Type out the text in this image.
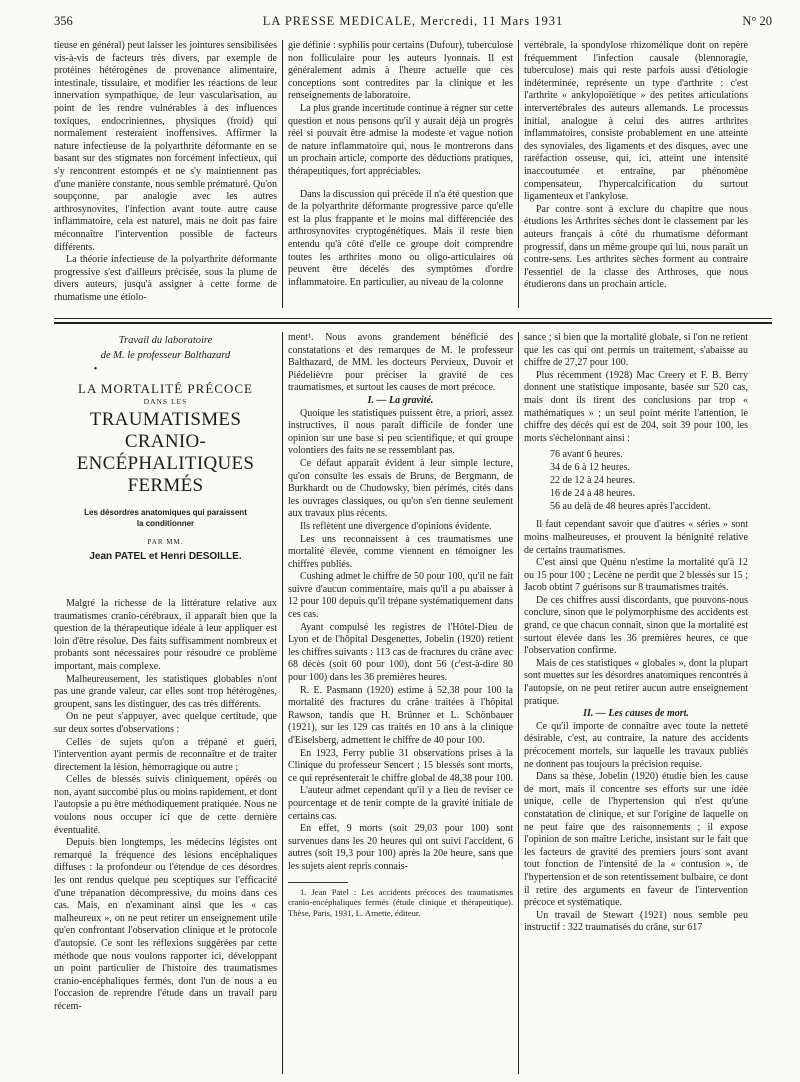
356	LA PRESSE MEDICALE, Mercredi, 11 Mars 1931	N° 20

tieuse en général) peut laisser les jointures sensibilisées vis-à-vis de facteurs très divers, par exemple de protéines hétérogènes de provenance alimentaire, intestinale, tissulaire, et modifier les réactions de leur innervation sympathique, de leur vascularisation, au point de les rendre vulnérables à des influences toxiques, endocriniennes, physiques (froid) qui normalement resteraient inoffensives. Affirmer la nature infectieuse de la polyarthrite déformante en se basant sur des stigmates non forcément infectieux, qui s'y rencontrent estompés et ne s'y maintiennent pas d'une manière constante, nous semble prématuré. Qu'on soupçonne, par analogie avec les autres arthrosynovites, l'infection avant toute autre cause inflammatoire, cela est naturel, mais ne doit pas faire méconnaître l'intervention possible de facteurs différents.

La théorie infectieuse de la polyarthrite déformante progressive s'est d'ailleurs précisée, sous la plume de divers auteurs, jusqu'à assigner à cette forme de rhumatisme une étiolo-

gie définie : syphilis pour certains (Dufour), tuberculose non folliculaire pour les auteurs lyonnais. Il est généralement admis à l'heure actuelle que ces conceptions sont contredites par la clinique et les renseignements de laboratoire.

La plus grande incertitude continue à régner sur cette question et nous pensons qu'il y aurait déjà un progrès réel si pouvait être admise la modeste et vague notion de nature inflammatoire qui, nous le montrerons dans un prochain article, comporte des déductions pratiques, thérapeutiques, fort appréciables.

Dans la discussion qui précède il n'a été question que de la polyarthrite déformante progressive parce qu'elle est la plus frappante et le moins mal différenciée des arthrosynovites cryptogénétiques. Mais il reste bien entendu qu'à côté d'elle ce groupe doit comprendre toutes les arthrites mono ou oligo-articulaires où peuvent être décelés des symptômes d'ordre inflammatoire. En particulier, au niveau de la colonne

vertébrale, la spondylose rhizomélique dont on repère fréquemment l'infection causale (blennoragie, tuberculose) mais qui reste parfois aussi d'étiologie indéterminée, représente un type d'arthrite : c'est l'arthrite « ankylopoïétique » des petites articulations intervertébrales des auteurs allemands. Le processus initial, analogue à celui des autres arthrites inflammatoires, consiste probablement en une atteinte des synoviales, des ligaments et des disques, avec une raréfaction osseuse, qui, ici, atteint une intensité inaccoutumée et entraîne, par phénomène compensateur, l'hypercalcification du surtout ligamenteux et l'ankylose.

Par contre sont à exclure du chapitre que nous étudions les Arthrites sèches dont le classement par les auteurs français à côté du rhumatisme déformant progressif, dans un même groupe qui lui, nous paraît un contre-sens. Les arthrites sèches forment au contraire l'essentiel de la classe des Arthroses, que nous étudierons dans un prochain article.

Travail du laboratoire
de M. le professeur Balthazard
•
LA MORTALITÉ PRÉCOCE
DANS LES
TRAUMATISMES
CRANIO-ENCÉPHALITIQUES
FERMÉS
Les désordres anatomiques qui paraissent
la conditionner
PAR MM.
Jean PATEL et Henri DESOILLE.

Malgré la richesse de la littérature relative aux traumatismes cranio-cérébraux, il apparaît bien que la question de la thérapeutique idéale à leur appliquer est loin d'être résolue. Des faits suffisamment nombreux et probants sont nécessaires pour résoudre ce problème important, mais complexe.

Malheureusement, les statistiques globables n'ont pas une grande valeur, car elles sont trop hétérogènes, groupent, sans les distinguer, des cas très différents.

On ne peut s'appuyer, avec quelque certitude, que sur deux sortes d'observations :

Celles de sujets qu'on a trépané et guéri, l'intervention ayant permis de reconnaître et de traiter directement la lésion, hémorragique ou autre ;

Celles de blessés suivis cliniquement, opérés ou non, ayant succombé plus ou moins rapidement, et dont l'autopsie a pu être méthodiquement pratiquée. Nous ne voulons nous occuper ici que de cette dernière éventualité.

Depuis bien longtemps, les médecins légistes ont remarqué la fréquence des lésions encéphaliques diffuses : la profondeur ou l'étendue de ces désordres les ont rendus quelque peu sceptiques sur l'efficacité d'une trépanation décompressive, du moins dans ces cas. Mais, en n'examinant ainsi que les « cas malheureux », on ne peut retirer un enseignement utile qu'en confrontant l'observation clinique et le protocole d'autopsie. Ce sont les réflexions suggérées par cette méthode que nous voulons rapporter ici, développant un point particulier de l'histoire des traumatismes cranio-encéphaliques fermés, dont l'un de nous a eu l'occasion de reprendre l'étude dans un travail paru récem-

ment¹. Nous avons grandement bénéficié des constatations et des remarques de M. le professeur Balthazard, de MM. les docteurs Pervieux, Duvoir et Piédelièvre pour préciser la gravité de ces traumatismes, et surtout les causes de mort précoce.

I. — La gravité.

Quoique les statistiques puissent être, a priori, assez instructives, il nous paraît difficile de fonder une opinion sur une base si peu scientifique, et qui groupe volontiers des faits ne se ressemblant pas.

Ce défaut apparaît évident à leur simple lecture, qu'on consulte les essais de Bruns, de Bergmann, de Burkhardt ou de Chudowsky, bien périmés, cités dans les ouvrages classiques, ou qu'on s'en tienne seulement aux travaux plus récents.

Ils reflètent une divergence d'opinions évidente.

Les uns reconnaissent à ces traumatismes une mortalité élevée, comme viennent en témoigner les chiffres publiés.

Cushing admet le chiffre de 50 pour 100, qu'il ne fait suivre d'aucun commentaire, mais qu'il a pu abaisser à 12 pour 100 depuis qu'il trépane systématiquement dans ces cas.

Ayant compulsé les registres de l'Hôtel-Dieu de Lyon et de l'hôpital Desgenettes, Jobelin (1920) retient les chiffres suivants : 113 cas de fractures du crâne avec 68 décès (soit 60 pour 100), dont 56 (c'est-à-dire 80 pour 100) dans les 36 premières heures.

R. E. Pasmann (1920) estime à 52,38 pour 100 la mortalité des fractures du crâne traitées à l'hôpital Rawson, tandis que H. Brünner et L. Schönbauer (1921), sur les 129 cas traités en 10 ans à la clinique d'Eiselsberg, admettent le chiffre de 40 pour 100.

En 1923, Ferry publie 31 observations prises à la Clinique du professeur Sencert ; 15 blessés sont morts, ce qui représenterait le chiffre global de 48,38 pour 100.

L'auteur admet cependant qu'il y a lieu de reviser ce pourcentage et de tenir compte de la gravité initiale de certains cas.

En effet, 9 morts (soit 29,03 pour 100) sont survenues dans les 20 heures qui ont suivi l'accident, 6 autres (soit 19,3 pour 100) après la 20e heure, sans que les sujets aient repris connais-

1. Jean Patel : Les accidents précoces des traumatismes cranio-encéphaliques fermés (étude clinique et thérapeutique). Thèse, Paris, 1931, L. Arnette, éditeur.

sance ; si bien que la mortalité globale, si l'on ne retient que les cas qui ont permis un traitement, s'abaisse au chiffre de 27,27 pour 100.

Plus récemment (1928) Mac Creery et F. B. Berry donnent une statistique imposante, basée sur 520 cas, mais dont ils tirent des conclusions par trop « mathématiques » ; un seul point mérite l'attention, le chiffre des décès qui est de 204, soit 39 pour 100, les morts s'échelonnant ainsi :

76 avant 6 heures.
34 de 6 à 12 heures.
22 de 12 à 24 heures.
16 de 24 à 48 heures.
56 au delà de 48 heures après l'accident.

Il faut cependant savoir que d'autres « séries » sont moins malheureuses, et prouvent la bénignité relative de certains traumatismes.

C'est ainsi que Quénu n'estime la mortalité qu'à 12 ou 15 pour 100 ; Lecène ne perdit que 2 blessés sur 15 ; Jacob obtint 7 guérisons sur 8 traumatismes traités.

De ces chiffres aussi discordants, que pouvons-nous conclure, sinon que le polymorphisme des accidents est grand, ce que chacun connaît, sinon que la mortalité est surtout élevée dans les 36 premières heures, ce que l'observation confirme.

Mais de ces statistiques « globales », dont la plupart sont muettes sur les désordres anatomiques rencontrés à l'autopsie, on ne peut retirer aucun autre enseignement pratique.

II. — Les causes de mort.

Ce qu'il importe de connaître avec toute la netteté désirable, c'est, au contraire, la nature des accidents précocement mortels, sur laquelle les travaux publiés ne donnent pas toujours la précision requise.

Dans sa thèse, Jobelin (1920) étudie bien les cause de mort, mais il concentre ses efforts sur une idée unique, celle de l'hypertension qui n'est qu'une constatation de clinique, et sur l'origine de laquelle on ne peut faire que des raisonnements ; il expose l'opinion de son maître Leriche, insistant sur le fait que les facteurs de gravité des premiers jours sont avant tout fonction de l'intensité de la « contusion », de l'hypertension et de son retentissement bulbaire, ce dont il retire des arguments en faveur de l'intervention précoce et systématique.

Un travail de Stewart (1921) nous semble peu instructif : 322 traumatisés du crâne, sur 617
